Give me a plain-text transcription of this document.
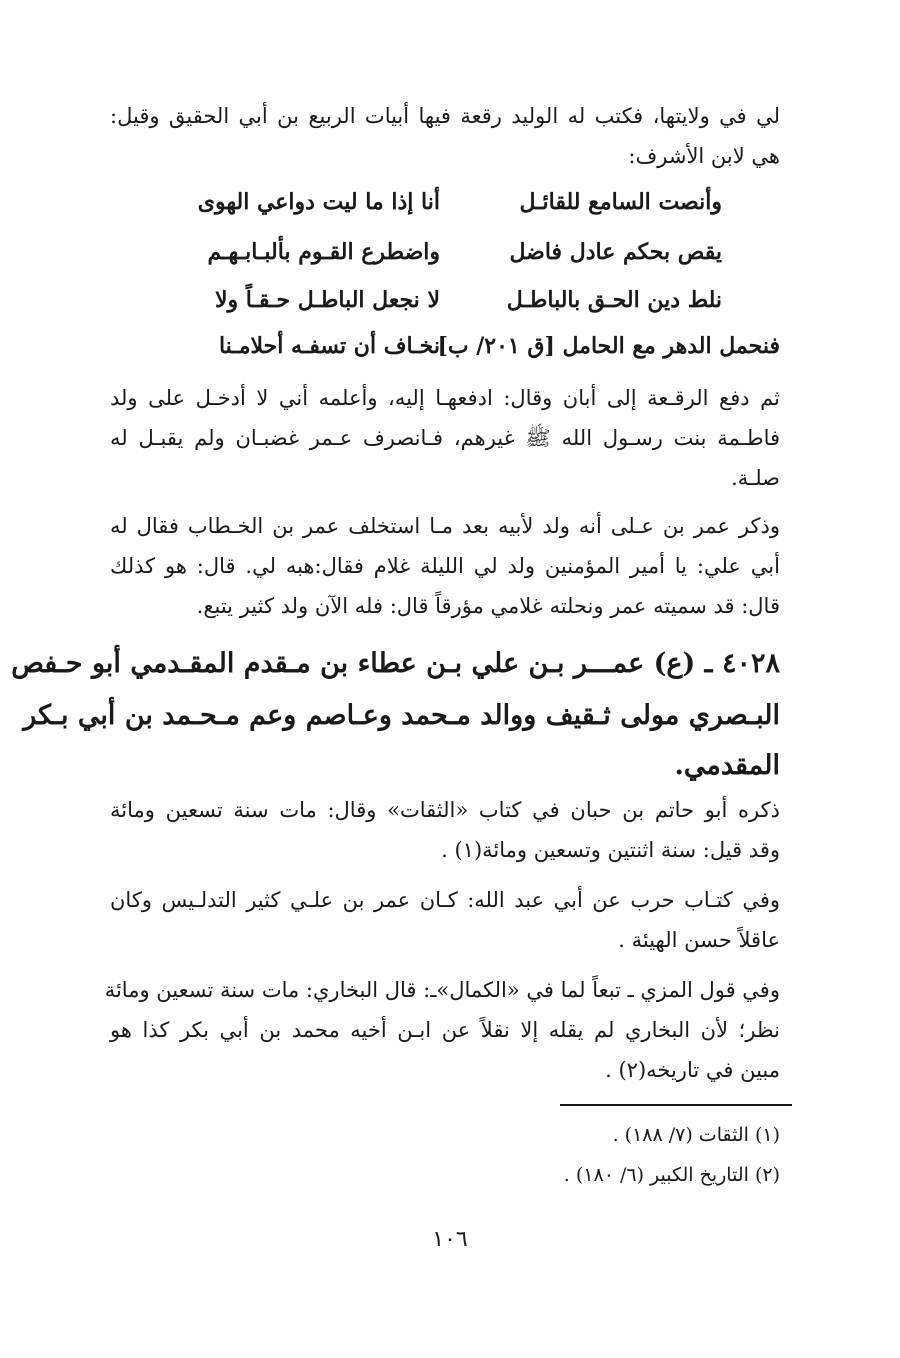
لي في ولايتها، فكتب له الوليد رقعة فيها أبيات الربيع بن أبي الحقيق وقيل:
هي لابن الأشرف:
أنا إذا ما ليت دواعي الهوى	وأنصت السامع للقائـل
واضطرع القـوم بألبـابـهـم	يقص بحكم عادل فاضل
لا نجعل الباطـل حـقـاً ولا	نلط دين الحـق بالباطـل
نخـاف أن تسفـه أحلامـنا
فنحمل الدهر مع الحامل [ق ٢٠١/ ب]
ثم دفع الرقـعة إلى أبان وقال: ادفعهـا إليه، وأعلمه أني لا أدخـل على ولد
فاطـمة بنت رسـول الله ﷺ غيرهم، فـانصرف عـمر غضبـان ولم يقبـل له
صلـة.
وذكر عمر بن عـلى أنه ولد لأبيه بعد مـا استخلف عمر بن الخـطاب فقال له
أبي علي: يا أمير المؤمنين ولد لي الليلة غلام فقال:هبه لي. قال: هو كذلك
قال: قد سميته عمر ونحلته غلامي مؤرقاً قال: فله الآن ولد كثير يتبع.
٤٠٢٨ ـ (ع) عمـــر بـن علي بـن عطاء بن مـقدم المقـدمي أبو حـفص
البـصري مولى ثـقيف ووالد مـحمد وعـاصم وعم مـحـمد بن أبي بـكر
المقدمي.
ذكره أبو حاتم بن حبان في كتاب «الثقات» وقال: مات سنة تسعين ومائة
وقد قيل: سنة اثنتين وتسعين ومائة(١) .
وفي كتـاب حرب عن أبي عبد الله: كـان عمر بن علـي كثير التدلـيس وكان
عاقلاً حسن الهيئة .
وفي قول المزي ـ تبعاً لما في «الكمال»ـ: قال البخاري: مات سنة تسعين ومائة
نظر؛ لأن البخاري لم يقله إلا نقلاً عن ابـن أخيه محمد بن أبي بكر كذا هو
مبين في تاريخه(٢) .
(١) الثقات (٧/ ١٨٨) .
(٢) التاريخ الكبير (٦/ ١٨٠) .
١٠٦
